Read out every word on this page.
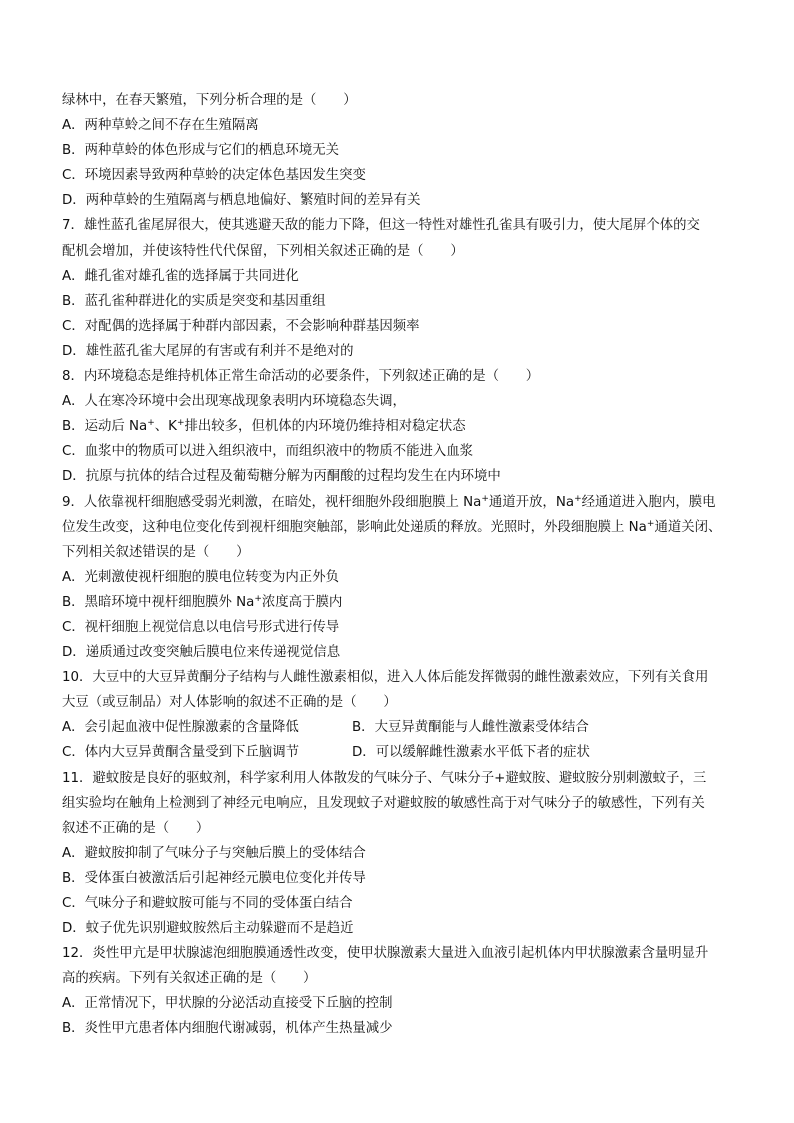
绿林中，在春天繁殖，下列分析合理的是（　　）
A．两种草蛉之间不存在生殖隔离
B．两种草蛉的体色形成与它们的栖息环境无关
C．环境因素导致两种草蛉的决定体色基因发生突变
D．两种草蛉的生殖隔离与栖息地偏好、繁殖时间的差异有关
7．雄性蓝孔雀尾屏很大，使其逃避天敌的能力下降，但这一特性对雄性孔雀具有吸引力，使大尾屏个体的交
配机会增加，并使该特性代代保留，下列相关叙述正确的是（　　）
A．雌孔雀对雄孔雀的选择属于共同进化
B．蓝孔雀种群进化的实质是突变和基因重组
C．对配偶的选择属于种群内部因素，不会影响种群基因频率
D．雄性蓝孔雀大尾屏的有害或有利并不是绝对的
8．内环境稳态是维持机体正常生命活动的必要条件，下列叙述正确的是（　　）
A．人在寒冷环境中会出现寒战现象表明内环境稳态失调，
B．运动后 Na+、K+排出较多，但机体的内环境仍维持相对稳定状态
C．血浆中的物质可以进入组织液中，而组织液中的物质不能进入血浆
D．抗原与抗体的结合过程及葡萄糖分解为丙酮酸的过程均发生在内环境中
9．人依靠视杆细胞感受弱光刺激，在暗处，视杆细胞外段细胞膜上 Na+通道开放，Na+经通道进入胞内，膜电
位发生改变，这种电位变化传到视杆细胞突触部，影响此处递质的释放。光照时，外段细胞膜上 Na+通道关闭、
下列相关叙述错误的是（　　）
A．光刺激使视杆细胞的膜电位转变为内正外负
B．黑暗环境中视杆细胞膜外 Na+浓度高于膜内
C．视杆细胞上视觉信息以电信号形式进行传导
D．递质通过改变突触后膜电位来传递视觉信息
10．大豆中的大豆异黄酮分子结构与人雌性激素相似，进入人体后能发挥微弱的雌性激素效应，下列有关食用
大豆（或豆制品）对人体影响的叙述不正确的是（　　）
A．会引起血液中促性腺激素的含量降低	B．大豆异黄酮能与人雌性激素受体结合
C．体内大豆异黄酮含量受到下丘脑调节	D．可以缓解雌性激素水平低下者的症状
11．避蚊胺是良好的驱蚊剂，科学家利用人体散发的气味分子、气味分子+避蚊胺、避蚊胺分别刺激蚊子，三
组实验均在触角上检测到了神经元电响应，且发现蚊子对避蚊胺的敏感性高于对气味分子的敏感性，下列有关
叙述不正确的是（　　）
A．避蚊胺抑制了气味分子与突触后膜上的受体结合
B．受体蛋白被激活后引起神经元膜电位变化并传导
C．气味分子和避蚊胺可能与不同的受体蛋白结合
D．蚊子优先识别避蚊胺然后主动躲避而不是趋近
12．炎性甲亢是甲状腺滤泡细胞膜通透性改变，使甲状腺激素大量进入血液引起机体内甲状腺激素含量明显升
高的疾病。下列有关叙述正确的是（　　）
A．正常情况下，甲状腺的分泌活动直接受下丘脑的控制
B．炎性甲亢患者体内细胞代谢减弱，机体产生热量减少
